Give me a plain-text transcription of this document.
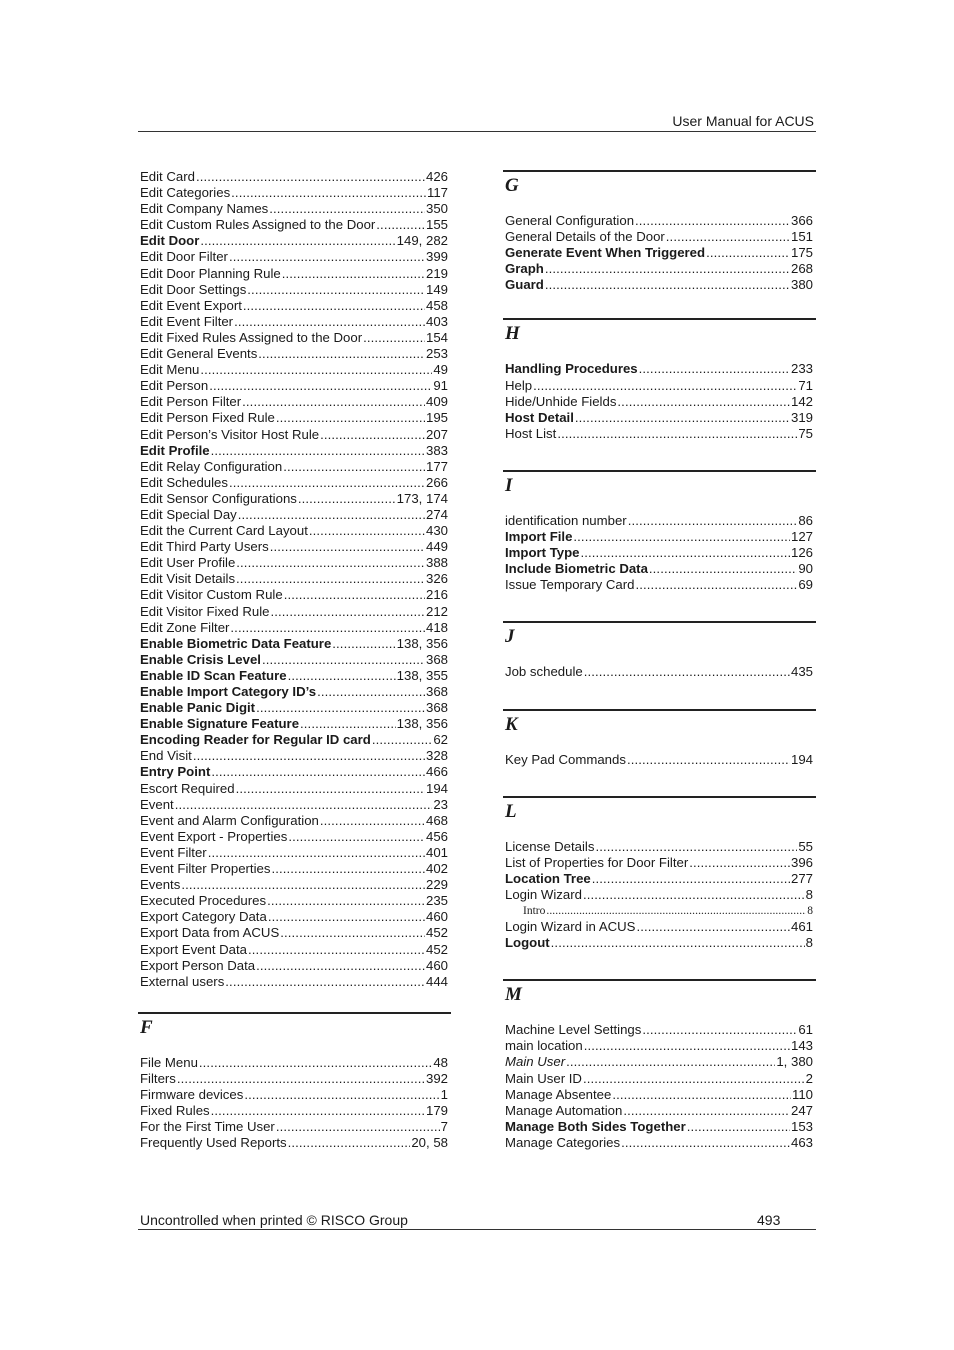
User Manual for ACUS
Edit Card .....	426
Edit Categories .....	117
Edit Company Names .....	350
Edit Custom Rules Assigned to the Door .....	155
Edit Door .....	149, 282
Edit Door Filter .....	399
Edit Door Planning Rule .....	219
Edit Door Settings .....	149
Edit Event Export .....	458
Edit Event Filter .....	403
Edit Fixed Rules Assigned to the Door .....	154
Edit General Events .....	253
Edit Menu .....	49
Edit Person .....	91
Edit Person Filter .....	409
Edit Person Fixed Rule .....	195
Edit Person’s Visitor Host Rule .....	207
Edit Profile .....	383
Edit Relay Configuration .....	177
Edit Schedules .....	266
Edit Sensor Configurations .....	173, 174
Edit Special Day .....	274
Edit the Current Card Layout .....	430
Edit Third Party Users .....	449
Edit User Profile .....	388
Edit Visit Details .....	326
Edit Visitor Custom Rule .....	216
Edit Visitor Fixed Rule .....	212
Edit Zone Filter .....	418
Enable Biometric Data Feature .....	138, 356
Enable Crisis Level .....	368
Enable ID Scan Feature .....	138, 355
Enable Import Category ID’s .....	368
Enable Panic Digit .....	368
Enable Signature Feature .....	138, 356
Encoding Reader for Regular ID card .....	62
End Visit .....	328
Entry Point .....	466
Escort Required .....	194
Event .....	23
Event and Alarm Configuration .....	468
Event Export - Properties .....	456
Event Filter .....	401
Event Filter Properties .....	402
Events .....	229
Executed Procedures .....	235
Export Category Data .....	460
Export Data from ACUS .....	452
Export Event Data .....	452
Export Person Data .....	460
External users .....	444
F
File Menu .....	48
Filters .....	392
Firmware devices .....	1
Fixed Rules .....	179
For the First Time User .....	7
Frequently Used Reports .....	20, 58
G
General Configuration .....	366
General Details of the Door .....	151
Generate Event When Triggered .....	175
Graph .....	268
Guard .....	380
H
Handling Procedures .....	233
Help .....	71
Hide/Unhide Fields .....	142
Host Detail .....	319
Host List .....	75
I
identification number .....	86
Import File .....	127
Import Type .....	126
Include Biometric Data .....	90
Issue Temporary Card .....	69
J
Job schedule .....	435
K
Key Pad Commands .....	194
L
License Details .....	55
List of Properties for Door Filter .....	396
Location Tree .....	277
Login Wizard .....	8
Intro .....	8
Login Wizard in ACUS .....	461
Logout .....	8
M
Machine Level Settings .....	61
main location .....	143
Main User .....	1, 380
Main User ID .....	2
Manage Absentee .....	110
Manage Automation .....	247
Manage Both Sides Together .....	153
Manage Categories .....	463
Uncontrolled when printed © RISCO Group	493
